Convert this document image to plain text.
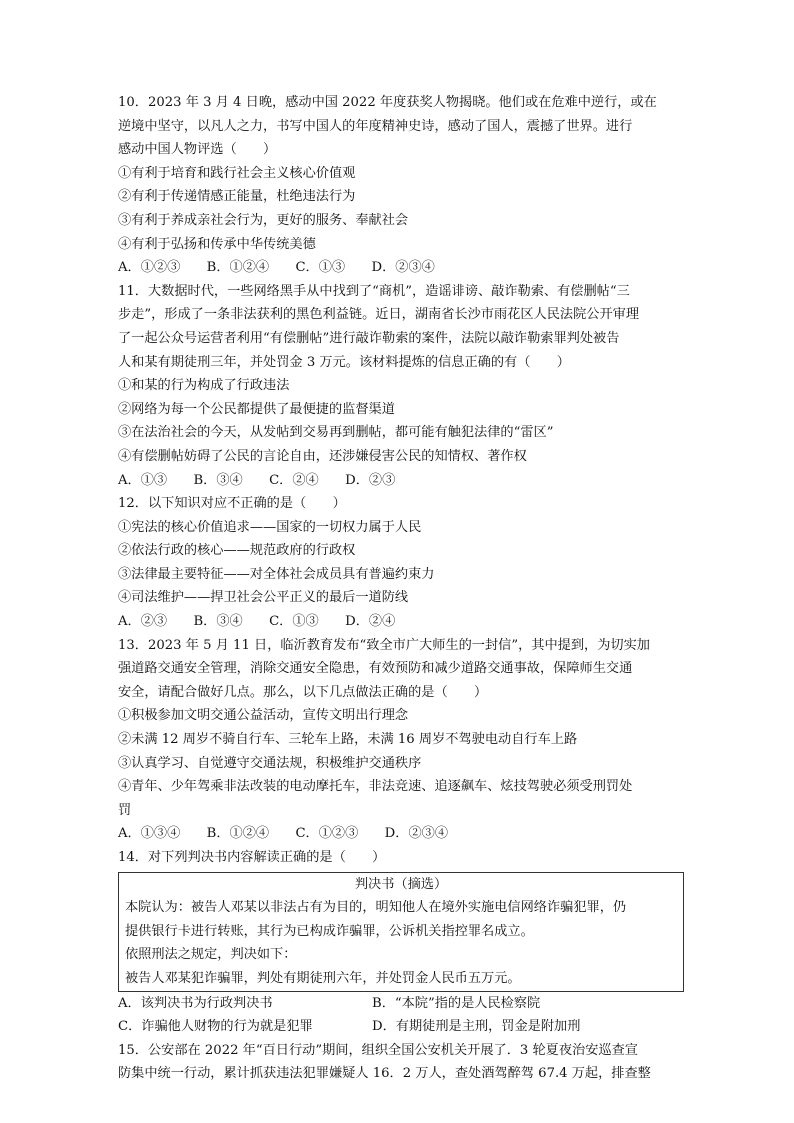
10．2023 年 3 月 4 日晚，感动中国 2022 年度获奖人物揭晓。他们或在危难中逆行，或在
逆境中坚守，以凡人之力，书写中国人的年度精神史诗，感动了国人，震撼了世界。进行
感动中国人物评选（　　）
①有利于培育和践行社会主义核心价值观
②有利于传递情感正能量，杜绝违法行为
③有利于养成亲社会行为，更好的服务、奉献社会
④有利于弘扬和传承中华传统美德
A．①②③　　B．①②④　　C．①③　　D．②③④
11．大数据时代，一些网络黑手从中找到了“商机”，造谣诽谤、敲诈勒索、有偿删帖“三
步走”，形成了一条非法获利的黑色利益链。近日，湖南省长沙市雨花区人民法院公开审理
了一起公众号运营者利用“有偿删帖”进行敲诈勒索的案件，法院以敲诈勒索罪判处被告
人和某有期徒刑三年，并处罚金 3 万元。该材料提炼的信息正确的有（　　）
①和某的行为构成了行政违法
②网络为每一个公民都提供了最便捷的监督渠道
③在法治社会的今天，从发帖到交易再到删帖，都可能有触犯法律的“雷区”
④有偿删帖妨碍了公民的言论自由，还涉嫌侵害公民的知情权、著作权
A．①③　　B．③④　　C．②④　　D．②③
12．以下知识对应不正确的是（　　）
①宪法的核心价值追求——国家的一切权力属于人民
②依法行政的核心——规范政府的行政权
③法律最主要特征——对全体社会成员具有普遍约束力
④司法维护——捍卫社会公平正义的最后一道防线
A．②③　　B．③④　　C．①③　　D．②④
13．2023 年 5 月 11 日，临沂教育发布“致全市广大师生的一封信”，其中提到，为切实加
强道路交通安全管理，消除交通安全隐患，有效预防和减少道路交通事故，保障师生交通
安全，请配合做好几点。那么，以下几点做法正确的是（　　）
①积极参加文明交通公益活动，宣传文明出行理念
②未满 12 周岁不骑自行车、三轮车上路，未满 16 周岁不驾驶电动自行车上路
③认真学习、自觉遵守交通法规，积极维护交通秩序
④青年、少年驾乘非法改装的电动摩托车，非法竞速、追逐飙车、炫技驾驶必须受刑罚处
罚
A．①③④　　B．①②④　　C．①②③　　D．②③④
14．对下列判决书内容解读正确的是（　　）
判决书（摘选）
本院认为：被告人邓某以非法占有为目的，明知他人在境外实施电信网络诈骗犯罪，仍
提供银行卡进行转账，其行为已构成诈骗罪，公诉机关指控罪名成立。
依照刑法之规定，判决如下：
被告人邓某犯诈骗罪，判处有期徒刑六年，并处罚金人民币五万元。
A．该判决书为行政判决书	B．“本院”指的是人民检察院
C．诈骗他人财物的行为就是犯罪	D．有期徒刑是主刑，罚金是附加刑
15．公安部在 2022 年“百日行动”期间，组织全国公安机关开展了．3 轮夏夜治安巡查宣
防集中统一行动，累计抓获违法犯罪嫌疑人 16．2 万人，查处酒驾醉驾 67.4 万起，排查整
